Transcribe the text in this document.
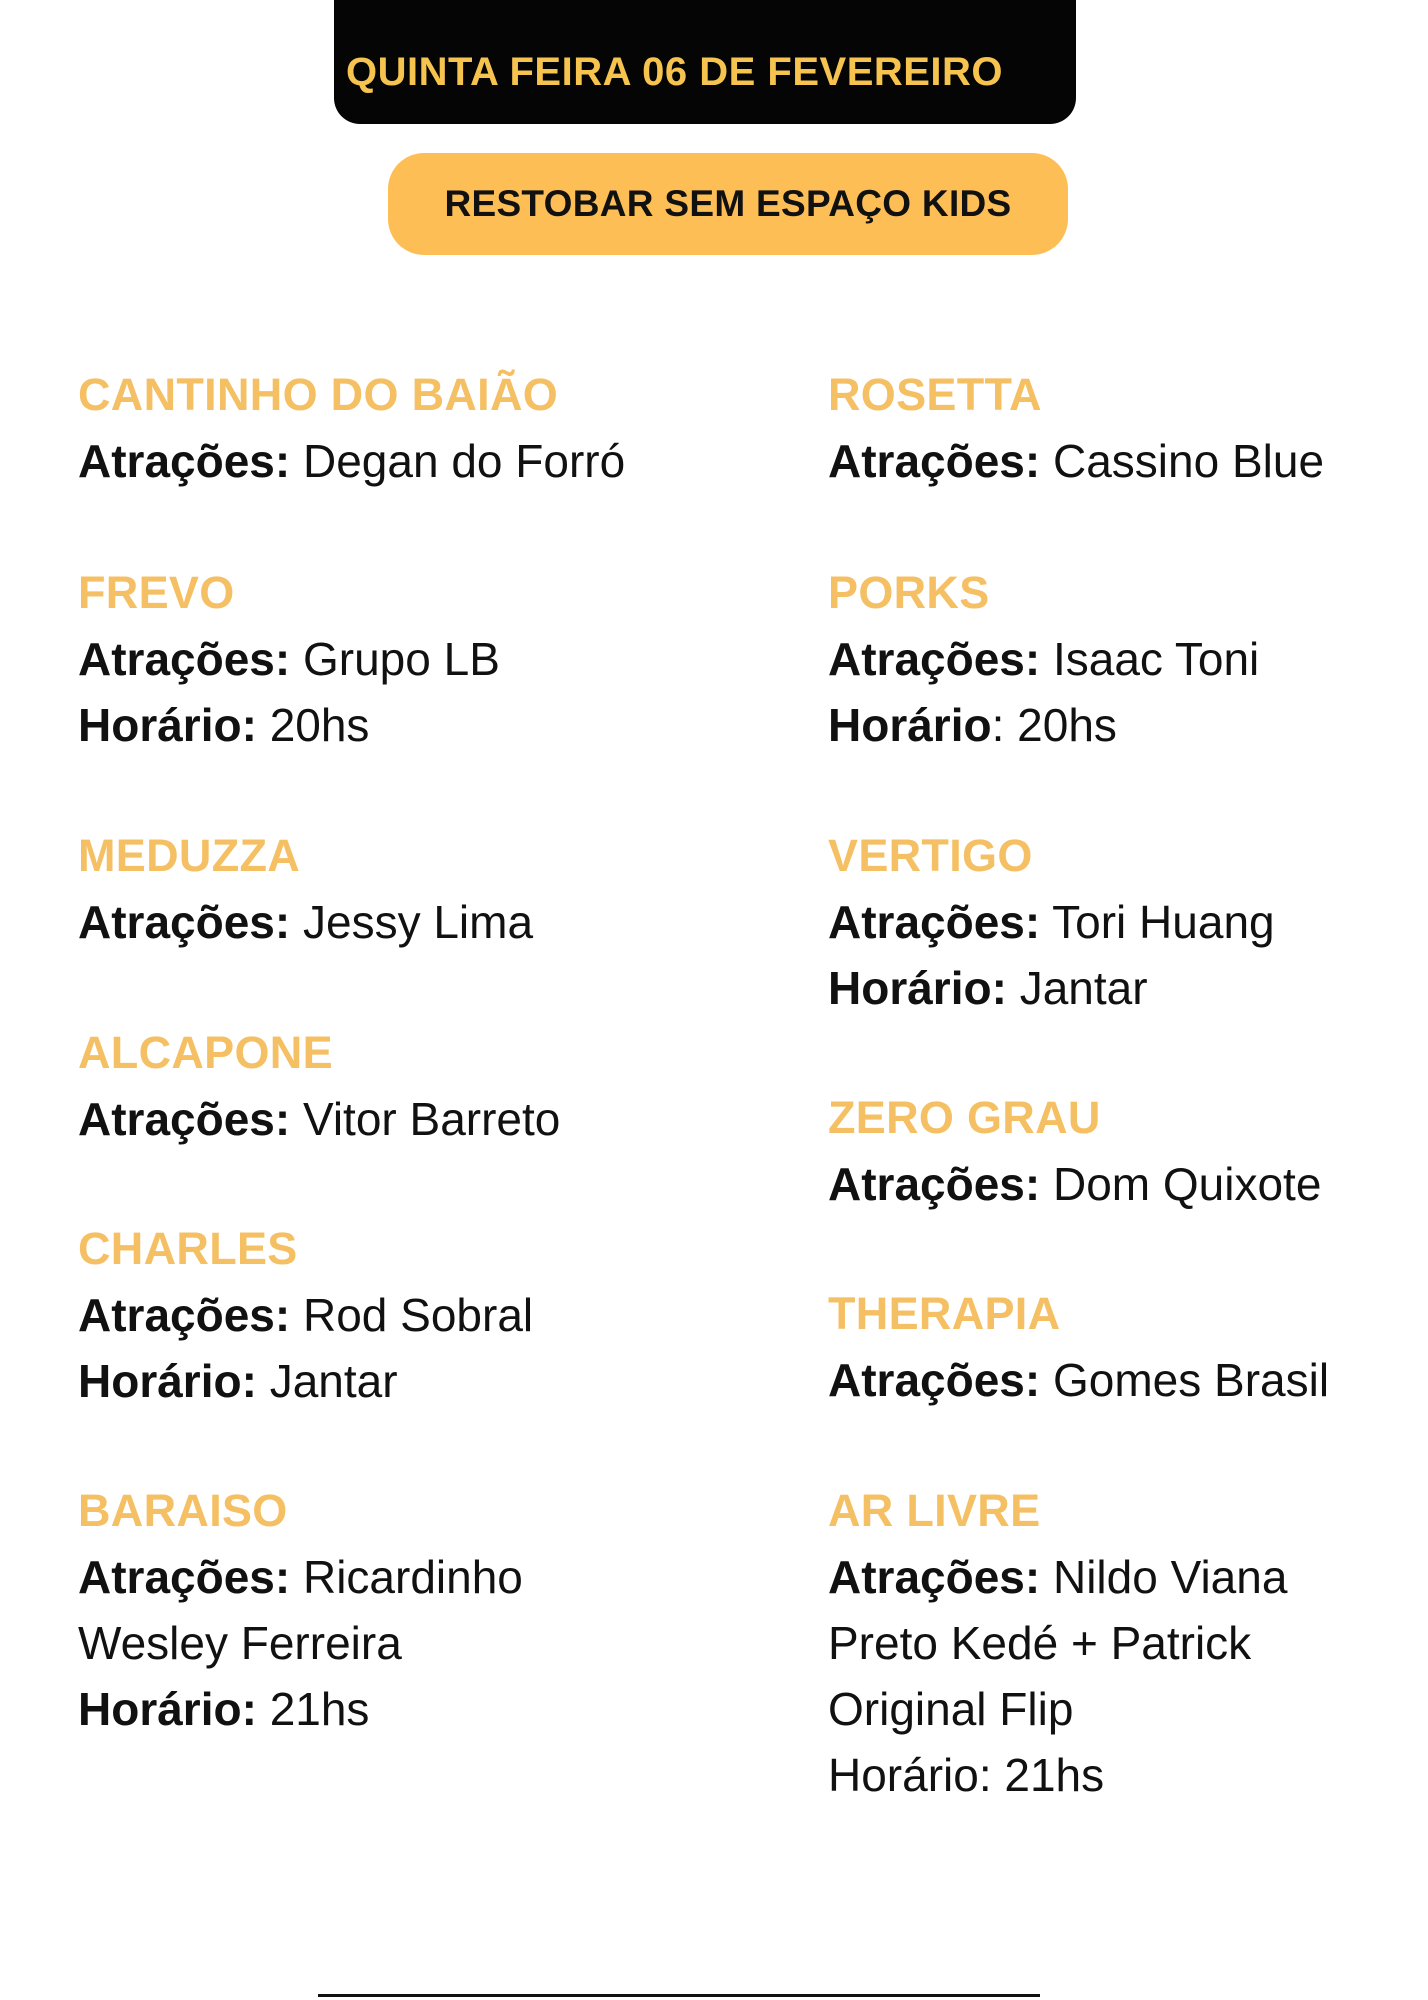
QUINTA FEIRA 06 DE FEVEREIRO
RESTOBAR SEM ESPAÇO KIDS
CANTINHO DO BAIÃO
Atrações: Degan do Forró
FREVO
Atrações: Grupo LB
Horário: 20hs
MEDUZZA
Atrações: Jessy Lima
ALCAPONE
Atrações: Vitor Barreto
CHARLES
Atrações: Rod Sobral
Horário: Jantar
BARAISO
Atrações: Ricardinho
Wesley Ferreira
Horário: 21hs
ROSETTA
Atrações: Cassino Blue
PORKS
Atrações: Isaac Toni
Horário: 20hs
VERTIGO
Atrações: Tori Huang
Horário: Jantar
ZERO GRAU
Atrações: Dom Quixote
THERAPIA
Atrações: Gomes Brasil
AR LIVRE
Atrações: Nildo Viana
Preto Kedé + Patrick
Original Flip
Horário: 21hs
